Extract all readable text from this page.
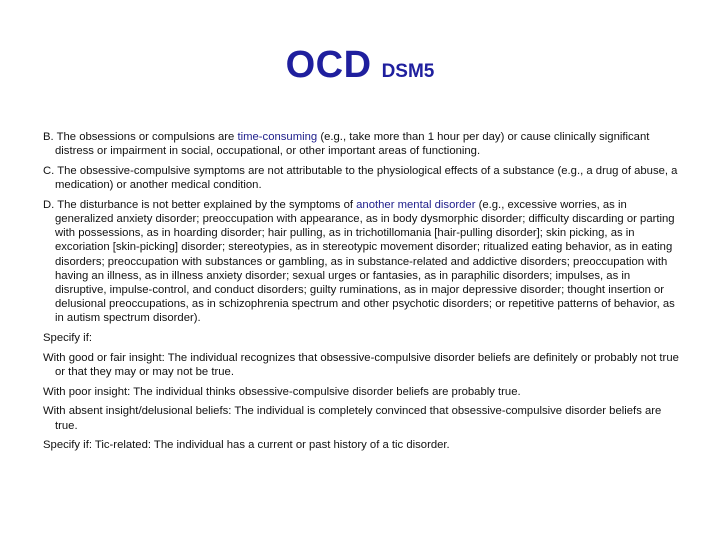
OCD DSM5

B. The obsessions or compulsions are time-consuming (e.g., take more than 1 hour per day) or cause clinically significant distress or impairment in social, occupational, or other important areas of functioning.

C. The obsessive-compulsive symptoms are not attributable to the physiological effects of a substance (e.g., a drug of abuse, a medication) or another medical condition.

D. The disturbance is not better explained by the symptoms of another mental disorder (e.g., excessive worries, as in generalized anxiety disorder; preoccupation with appearance, as in body dysmorphic disorder; difficulty discarding or parting with possessions, as in hoarding disorder; hair pulling, as in trichotillomania [hair-pulling disorder]; skin picking, as in excoriation [skin-picking] disorder; stereotypies, as in stereotypic movement disorder; ritualized eating behavior, as in eating disorders; preoccupation with substances or gambling, as in substance-related and addictive disorders; preoccupation with having an illness, as in illness anxiety disorder; sexual urges or fantasies, as in paraphilic disorders; impulses, as in disruptive, impulse-control, and conduct disorders; guilty ruminations, as in major depressive disorder; thought insertion or delusional preoccupations, as in schizophrenia spectrum and other psychotic disorders; or repetitive patterns of behavior, as in autism spectrum disorder).

Specify if:

With good or fair insight: The individual recognizes that obsessive-compulsive disorder beliefs are definitely or probably not true or that they may or may not be true.

With poor insight: The individual thinks obsessive-compulsive disorder beliefs are probably true.

With absent insight/delusional beliefs: The individual is completely convinced that obsessive-compulsive disorder beliefs are true.

Specify if: Tic-related: The individual has a current or past history of a tic disorder.
